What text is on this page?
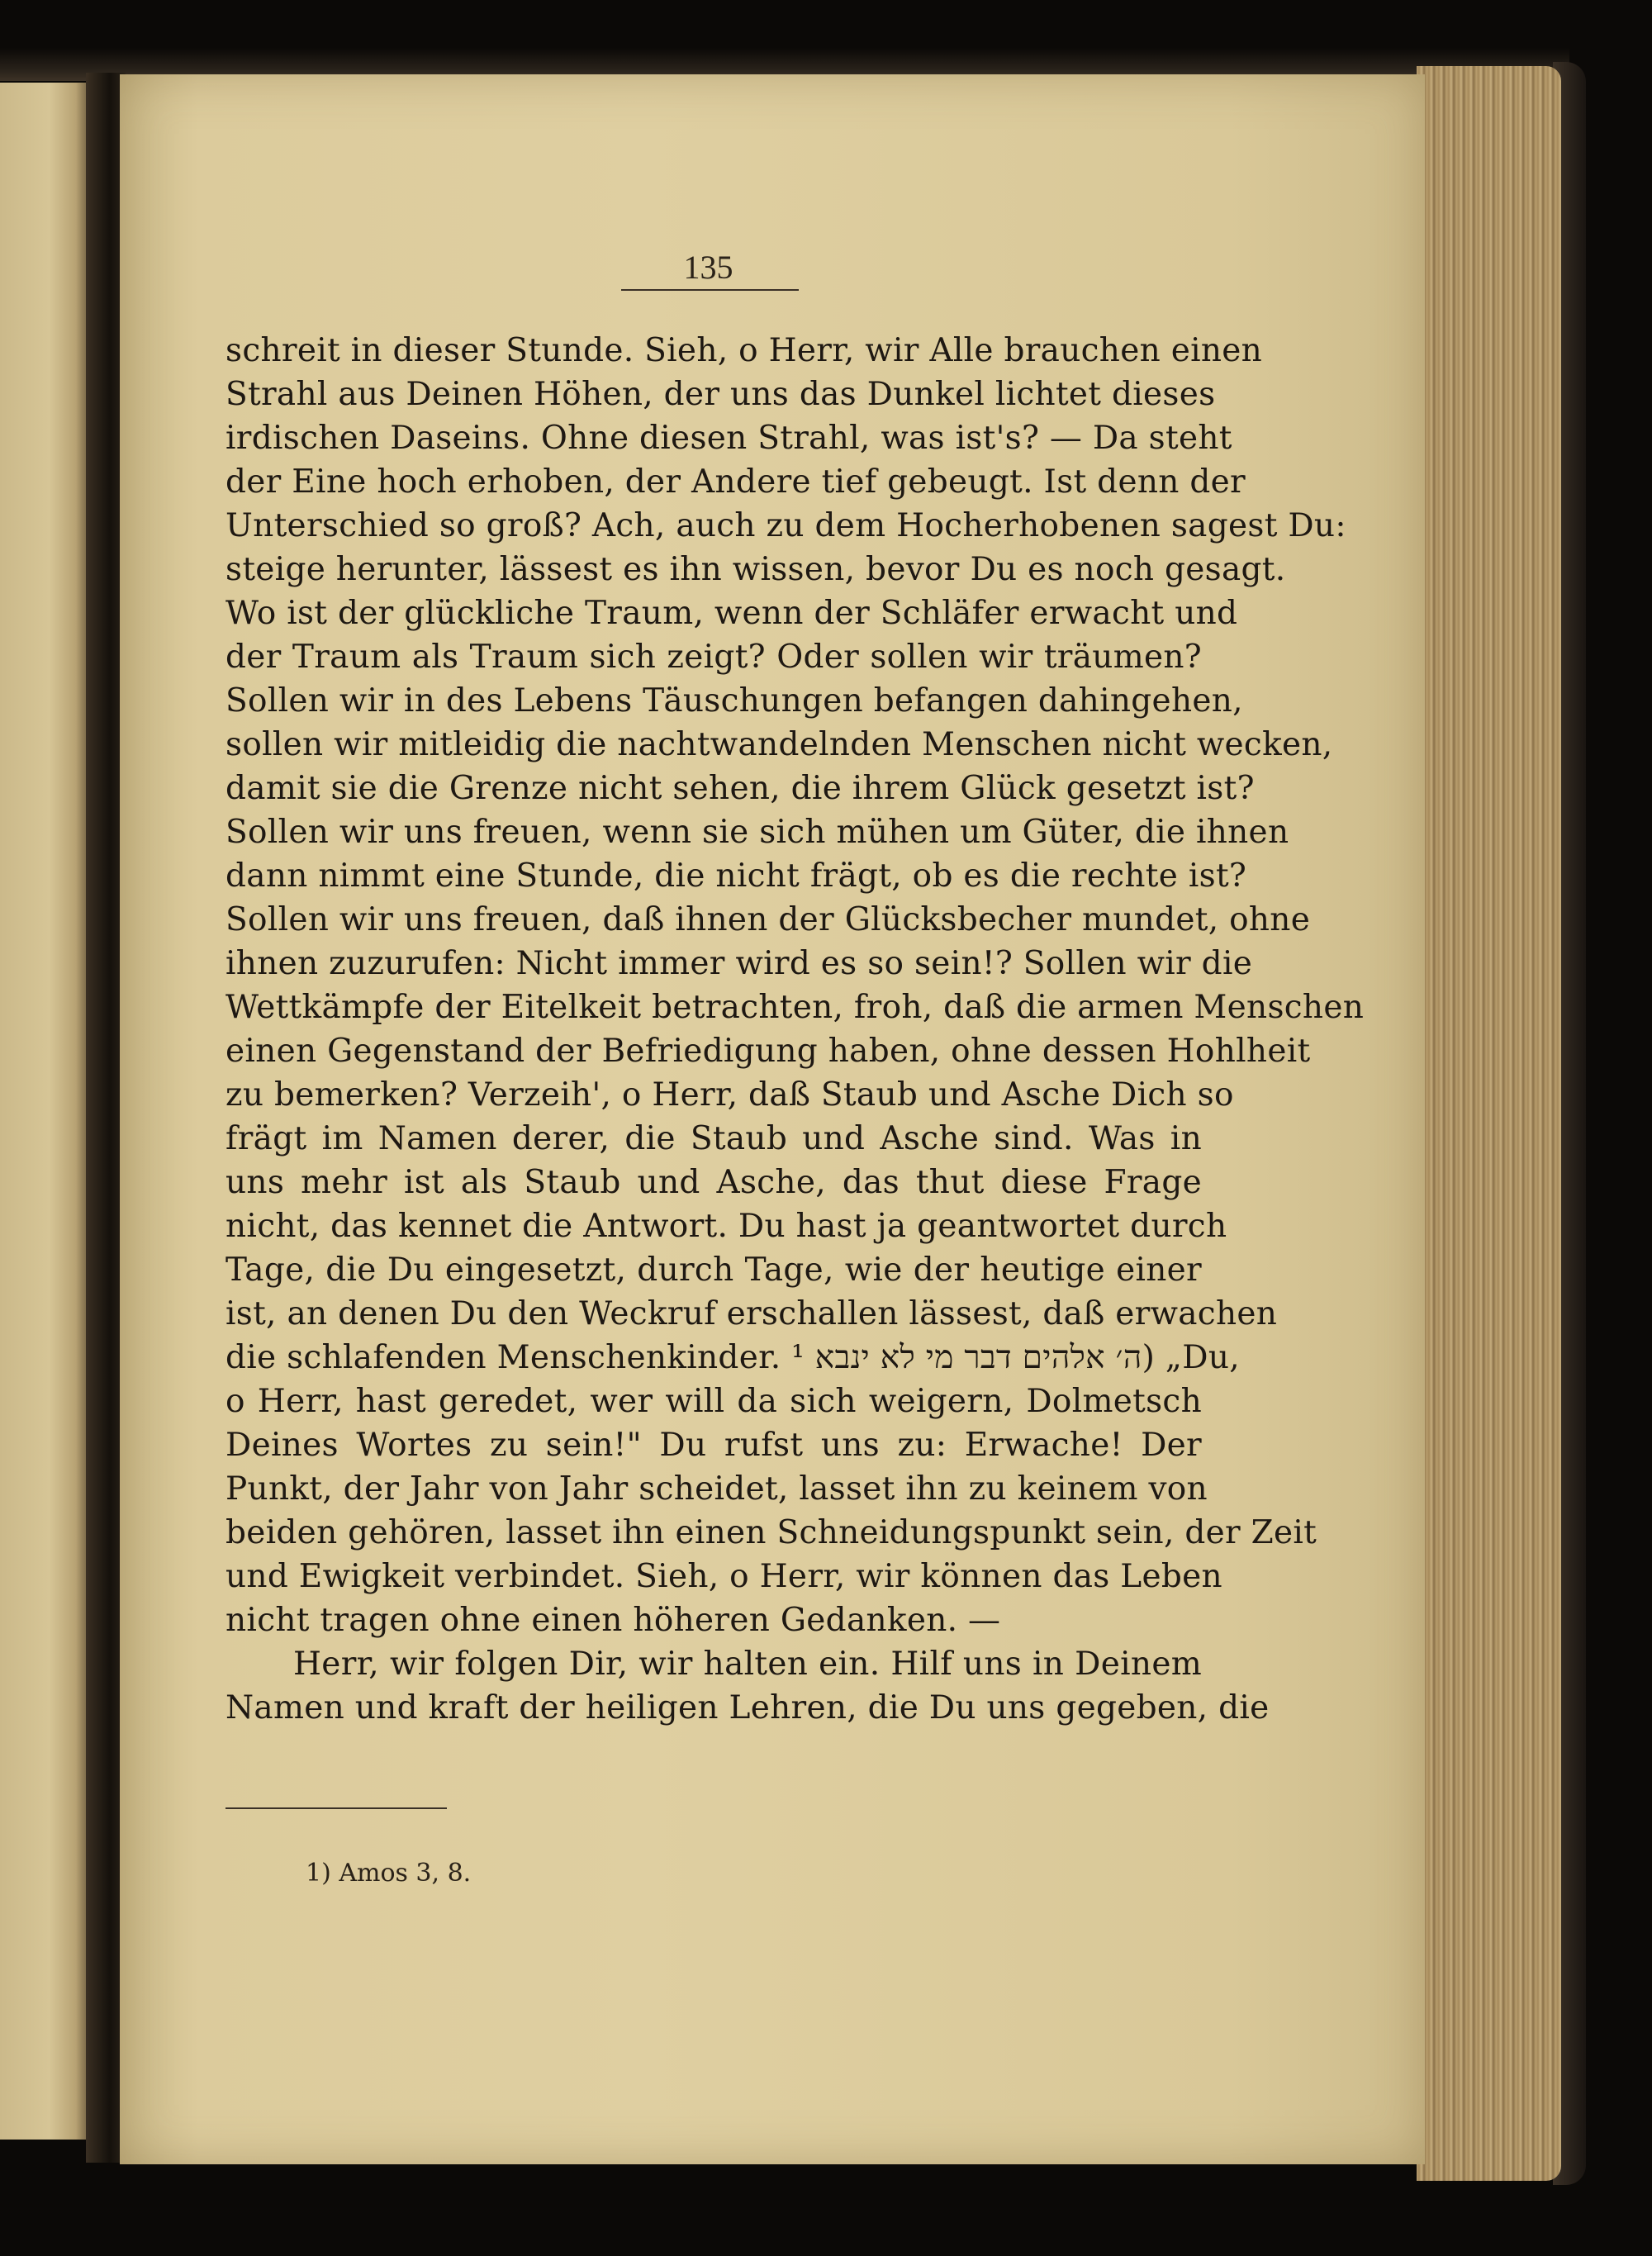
135
schreit in dieser Stunde. Sieh, o Herr, wir Alle brauchen einen
Strahl aus Deinen Höhen, der uns das Dunkel lichtet dieses
irdischen Daseins. Ohne diesen Strahl, was ist's? — Da steht
der Eine hoch erhoben, der Andere tief gebeugt. Ist denn der
Unterschied so groß? Ach, auch zu dem Hocherhobenen sagest Du:
steige herunter, lässest es ihn wissen, bevor Du es noch gesagt.
Wo ist der glückliche Traum, wenn der Schläfer erwacht und
der Traum als Traum sich zeigt? Oder sollen wir träumen?
Sollen wir in des Lebens Täuschungen befangen dahingehen,
sollen wir mitleidig die nachtwandelnden Menschen nicht wecken,
damit sie die Grenze nicht sehen, die ihrem Glück gesetzt ist?
Sollen wir uns freuen, wenn sie sich mühen um Güter, die ihnen
dann nimmt eine Stunde, die nicht frägt, ob es die rechte ist?
Sollen wir uns freuen, daß ihnen der Glücksbecher mundet, ohne
ihnen zuzurufen: Nicht immer wird es so sein!? Sollen wir die
Wettkämpfe der Eitelkeit betrachten, froh, daß die armen Menschen
einen Gegenstand der Befriedigung haben, ohne dessen Hohlheit
zu bemerken? Verzeih', o Herr, daß Staub und Asche Dich so
frägt im Namen derer, die Staub und Asche sind. Was in
uns mehr ist als Staub und Asche, das thut diese Frage
nicht, das kennet die Antwort. Du hast ja geantwortet durch
Tage, die Du eingesetzt, durch Tage, wie der heutige einer
ist, an denen Du den Weckruf erschallen lässest, daß erwachen
die schlafenden Menschenkinder. ה׳ אלהים דבר מי לא ינבא ¹) „Du,
o Herr, hast geredet, wer will da sich weigern, Dolmetsch
Deines Wortes zu sein!" Du rufst uns zu: Erwache! Der
Punkt, der Jahr von Jahr scheidet, lasset ihn zu keinem von
beiden gehören, lasset ihn einen Schneidungspunkt sein, der Zeit
und Ewigkeit verbindet. Sieh, o Herr, wir können das Leben
nicht tragen ohne einen höheren Gedanken. —
Herr, wir folgen Dir, wir halten ein. Hilf uns in Deinem
Namen und kraft der heiligen Lehren, die Du uns gegeben, die
1) Amos 3, 8.
